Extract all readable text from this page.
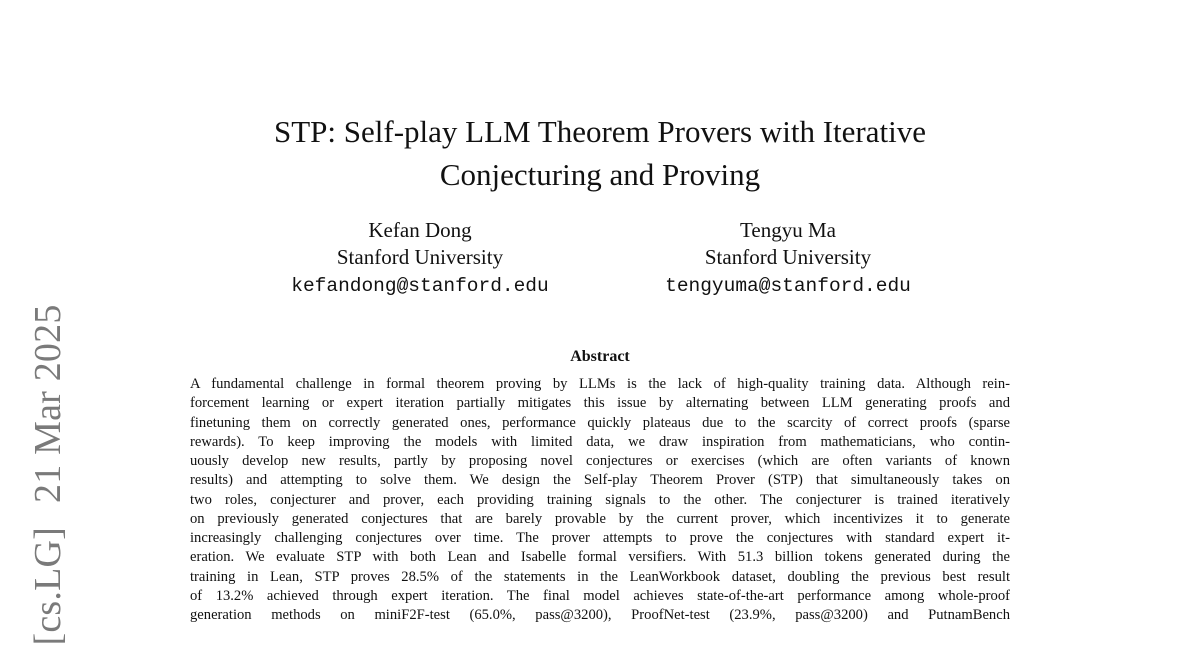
[cs.LG]21 Mar 2025
STP: Self-play LLM Theorem Provers with Iterative
Conjecturing and Proving
Kefan Dong
Stanford University
kefandong@stanford.edu
Tengyu Ma
Stanford University
tengyuma@stanford.edu
Abstract
A fundamental challenge in formal theorem proving by LLMs is the lack of high-quality training data. Although rein-
forcement learning or expert iteration partially mitigates this issue by alternating between LLM generating proofs and
finetuning them on correctly generated ones, performance quickly plateaus due to the scarcity of correct proofs (sparse
rewards). To keep improving the models with limited data, we draw inspiration from mathematicians, who contin-
uously develop new results, partly by proposing novel conjectures or exercises (which are often variants of known
results) and attempting to solve them. We design the Self-play Theorem Prover (STP) that simultaneously takes on
two roles, conjecturer and prover, each providing training signals to the other. The conjecturer is trained iteratively
on previously generated conjectures that are barely provable by the current prover, which incentivizes it to generate
increasingly challenging conjectures over time. The prover attempts to prove the conjectures with standard expert it-
eration. We evaluate STP with both Lean and Isabelle formal versifiers. With 51.3 billion tokens generated during the
training in Lean, STP proves 28.5% of the statements in the LeanWorkbook dataset, doubling the previous best result
of 13.2% achieved through expert iteration. The final model achieves state-of-the-art performance among whole-proof
generation methods on miniF2F-test (65.0%, pass@3200), ProofNet-test (23.9%, pass@3200) and PutnamBench
